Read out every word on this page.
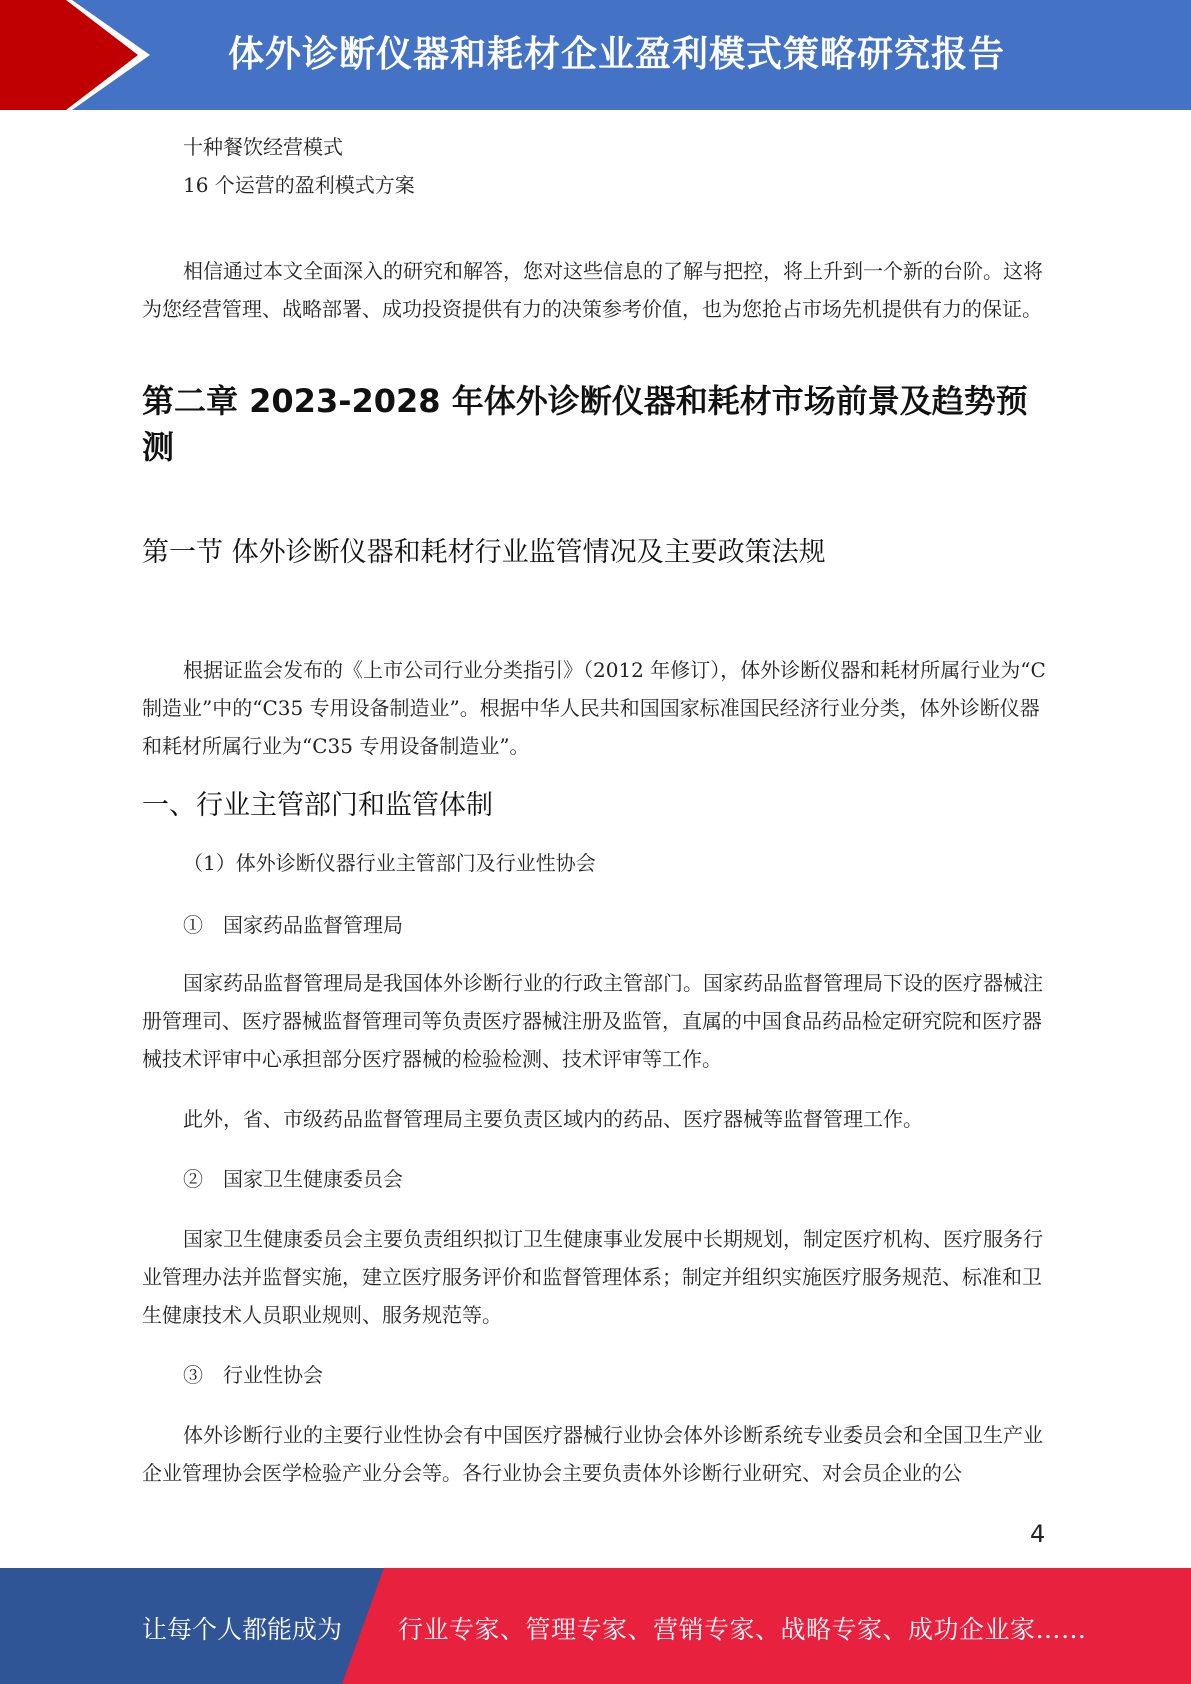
体外诊断仪器和耗材企业盈利模式策略研究报告

十种餐饮经营模式

16 个运营的盈利模式方案

相信通过本文全面深入的研究和解答，您对这些信息的了解与把控，将上升到一个新的台阶。这将为您经营管理、战略部署、成功投资提供有力的决策参考价值，也为您抢占市场先机提供有力的保证。

第二章 2023-2028 年体外诊断仪器和耗材市场前景及趋势预测
第一节 体外诊断仪器和耗材行业监管情况及主要政策法规

根据证监会发布的《上市公司行业分类指引》（2012 年修订），体外诊断仪器和耗材所属行业为“C 制造业”中的“C35 专用设备制造业”。根据中华人民共和国国家标准国民经济行业分类，体外诊断仪器和耗材所属行业为“C35 专用设备制造业”。

一、行业主管部门和监管体制

（1）体外诊断仪器行业主管部门及行业性协会

①　国家药品监督管理局

国家药品监督管理局是我国体外诊断行业的行政主管部门。国家药品监督管理局下设的医疗器械注册管理司、医疗器械监督管理司等负责医疗器械注册及监管，直属的中国食品药品检定研究院和医疗器械技术评审中心承担部分医疗器械的检验检测、技术评审等工作。

此外，省、市级药品监督管理局主要负责区域内的药品、医疗器械等监督管理工作。

②　国家卫生健康委员会

国家卫生健康委员会主要负责组织拟订卫生健康事业发展中长期规划，制定医疗机构、医疗服务行业管理办法并监督实施，建立医疗服务评价和监督管理体系；制定并组织实施医疗服务规范、标准和卫生健康技术人员职业规则、服务规范等。

③　行业性协会

体外诊断行业的主要行业性协会有中国医疗器械行业协会体外诊断系统专业委员会和全国卫生产业企业管理协会医学检验产业分会等。各行业协会主要负责体外诊断行业研究、对会员企业的公

4
让每个人都能成为 行业专家、管理专家、营销专家、战略专家、成功企业家……
